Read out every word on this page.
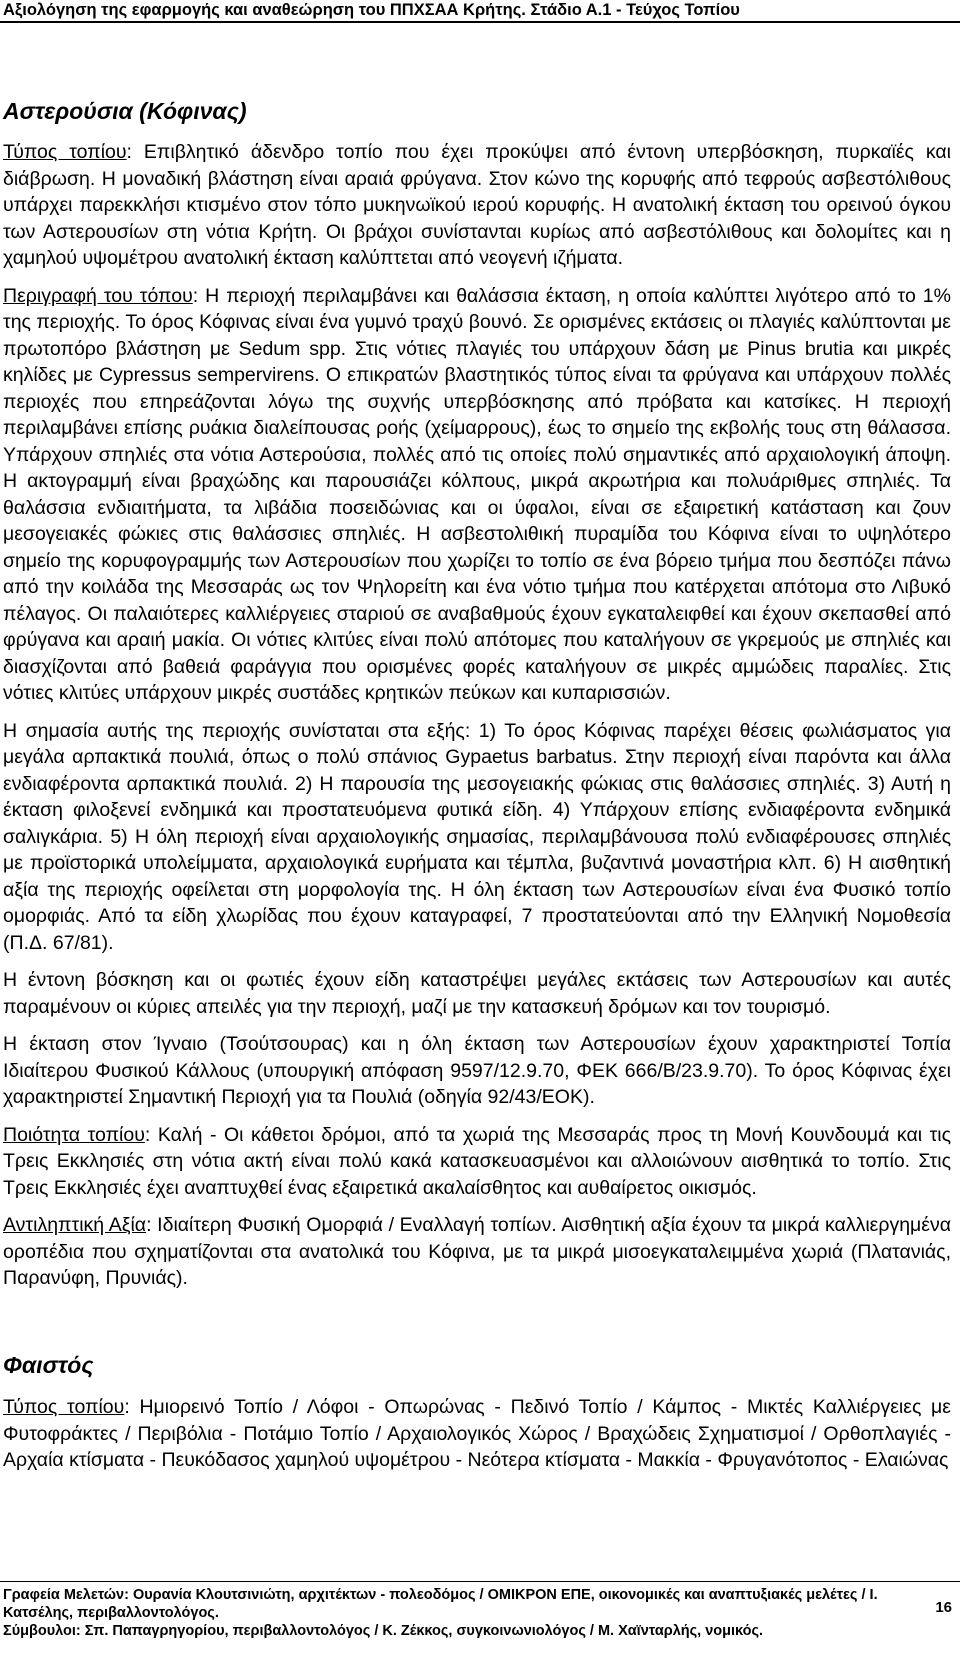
Αξιολόγηση της εφαρμογής και αναθεώρηση του ΠΠΧΣΑΑ Κρήτης. Στάδιο Α.1 - Τεύχος Τοπίου
Αστερούσια (Κόφινας)

Τύπος τοπίου: Επιβλητικό άδενδρο τοπίο που έχει προκύψει από έντονη υπερβόσκηση, πυρκαϊές και διάβρωση. Η μοναδική βλάστηση είναι αραιά φρύγανα. Στον κώνο της κορυφής από τεφρούς ασβεστόλιθους υπάρχει παρεκκλήσι κτισμένο στον τόπο μυκηνωϊκού ιερού κορυφής. Η ανατολική έκταση του ορεινού όγκου των Αστερουσίων στη νότια Κρήτη. Οι βράχοι συνίστανται κυρίως από ασβεστόλιθους και δολομίτες και η χαμηλού υψομέτρου ανατολική έκταση καλύπτεται από νεογενή ιζήματα.

Περιγραφή του τόπου: Η περιοχή περιλαμβάνει και θαλάσσια έκταση, η οποία καλύπτει λιγότερο από το 1% της περιοχής. Το όρος Κόφινας είναι ένα γυμνό τραχύ βουνό. Σε ορισμένες εκτάσεις οι πλαγιές καλύπτονται με πρωτοπόρο βλάστηση με Sedum spp. Στις νότιες πλαγιές του υπάρχουν δάση με Pinus brutia και μικρές κηλίδες με Cypressus sempervirens. Ο επικρατών βλαστητικός τύπος είναι τα φρύγανα και υπάρχουν πολλές περιοχές που επηρεάζονται λόγω της συχνής υπερβόσκησης από πρόβατα και κατσίκες. Η περιοχή περιλαμβάνει επίσης ρυάκια διαλείπουσας ροής (χείμαρρους), έως το σημείο της εκβολής τους στη θάλασσα. Υπάρχουν σπηλιές στα νότια Αστερούσια, πολλές από τις οποίες πολύ σημαντικές από αρχαιολογική άποψη. Η ακτογραμμή είναι βραχώδης και παρουσιάζει κόλπους, μικρά ακρωτήρια και πολυάριθμες σπηλιές. Τα θαλάσσια ενδιαιτήματα, τα λιβάδια ποσειδώνιας και οι ύφαλοι, είναι σε εξαιρετική κατάσταση και ζουν μεσογειακές φώκιες στις θαλάσσιες σπηλιές. Η ασβεστολιθική πυραμίδα του Κόφινα είναι το υψηλότερο σημείο της κορυφογραμμής των Αστερουσίων που χωρίζει το τοπίο σε ένα βόρειο τμήμα που δεσπόζει πάνω από την κοιλάδα της Μεσσαράς ως τον Ψηλορείτη και ένα νότιο τμήμα που κατέρχεται απότομα στο Λιβυκό πέλαγος. Οι παλαιότερες καλλιέργειες σταριού σε αναβαθμούς έχουν εγκαταλειφθεί και έχουν σκεπασθεί από φρύγανα και αραιή μακία. Οι νότιες κλιτύες είναι πολύ απότομες που καταλήγουν σε γκρεμούς με σπηλιές και διασχίζονται από βαθειά φαράγγια που ορισμένες φορές καταλήγουν σε μικρές αμμώδεις παραλίες. Στις νότιες κλιτύες υπάρχουν μικρές συστάδες κρητικών πεύκων και κυπαρισσιών.

Η σημασία αυτής της περιοχής συνίσταται στα εξής: 1) Το όρος Κόφινας παρέχει θέσεις φωλιάσματος για μεγάλα αρπακτικά πουλιά, όπως ο πολύ σπάνιος Gypaetus barbatus. Στην περιοχή είναι παρόντα και άλλα ενδιαφέροντα αρπακτικά πουλιά. 2) Η παρουσία της μεσογειακής φώκιας στις θαλάσσιες σπηλιές. 3) Αυτή η έκταση φιλοξενεί ενδημικά και προστατευόμενα φυτικά είδη. 4) Υπάρχουν επίσης ενδιαφέροντα ενδημικά σαλιγκάρια. 5) Η όλη περιοχή είναι αρχαιολογικής σημασίας, περιλαμβάνουσα πολύ ενδιαφέρουσες σπηλιές με προϊστορικά υπολείμματα, αρχαιολογικά ευρήματα και τέμπλα, βυζαντινά μοναστήρια κλπ. 6) Η αισθητική αξία της περιοχής οφείλεται στη μορφολογία της. Η όλη έκταση των Αστερουσίων είναι ένα Φυσικό τοπίο ομορφιάς. Από τα είδη χλωρίδας που έχουν καταγραφεί, 7 προστατεύονται από την Ελληνική Νομοθεσία (Π.Δ. 67/81).

Η έντονη βόσκηση και οι φωτιές έχουν είδη καταστρέψει μεγάλες εκτάσεις των Αστερουσίων και αυτές παραμένουν οι κύριες απειλές για την περιοχή, μαζί με την κατασκευή δρόμων και τον τουρισμό.

Η έκταση στον Ίγναιο (Τσούτσουρας) και η όλη έκταση των Αστερουσίων έχουν χαρακτηριστεί Τοπία Ιδιαίτερου Φυσικού Κάλλους (υπουργική απόφαση 9597/12.9.70, ΦΕΚ 666/Β/23.9.70). Το όρος Κόφινας έχει χαρακτηριστεί Σημαντική Περιοχή για τα Πουλιά (οδηγία 92/43/ΕΟΚ).

Ποιότητα τοπίου: Καλή - Οι κάθετοι δρόμοι, από τα χωριά της Μεσσαράς προς τη Μονή Κουνδουμά και τις Τρεις Εκκλησιές στη νότια ακτή είναι πολύ κακά κατασκευασμένοι και αλλοιώνουν αισθητικά το τοπίο. Στις Τρεις Εκκλησιές έχει αναπτυχθεί ένας εξαιρετικά ακαλαίσθητος και αυθαίρετος οικισμός.

Αντιληπτική Αξία: Ιδιαίτερη Φυσική Ομορφιά / Εναλλαγή τοπίων. Αισθητική αξία έχουν τα μικρά καλλιεργημένα οροπέδια που σχηματίζονται στα ανατολικά του Κόφινα, με τα μικρά μισοεγκαταλειμμένα χωριά (Πλατανιάς, Παρανύφη, Πρυνιάς).

Φαιστός

Τύπος τοπίου: Ημιορεινό Τοπίο / Λόφοι - Οπωρώνας - Πεδινό Τοπίο / Κάμπος - Μικτές Καλλιέργειες με Φυτοφράκτες / Περιβόλια - Ποτάμιο Τοπίο / Αρχαιολογικός Χώρος / Βραχώδεις Σχηματισμοί / Ορθοπλαγιές - Αρχαία κτίσματα - Πευκόδασος χαμηλού υψομέτρου - Νεότερα κτίσματα - Μακκία - Φρυγανότοπος - Ελαιώνας

Γραφεία Μελετών: Ουρανία Κλουτσινιώτη, αρχιτέκτων - πολεοδόμος / ΟΜΙΚΡΟΝ ΕΠΕ, οικονομικές και αναπτυξιακές μελέτες / Ι. Κατσέλης, περιβαλλοντολόγος.
Σύμβουλοι: Σπ. Παπαγρηγορίου, περιβαλλοντολόγος / Κ. Ζέκκος, συγκοινωνιολόγος / Μ. Χαϊνταρλής, νομικός.
16
